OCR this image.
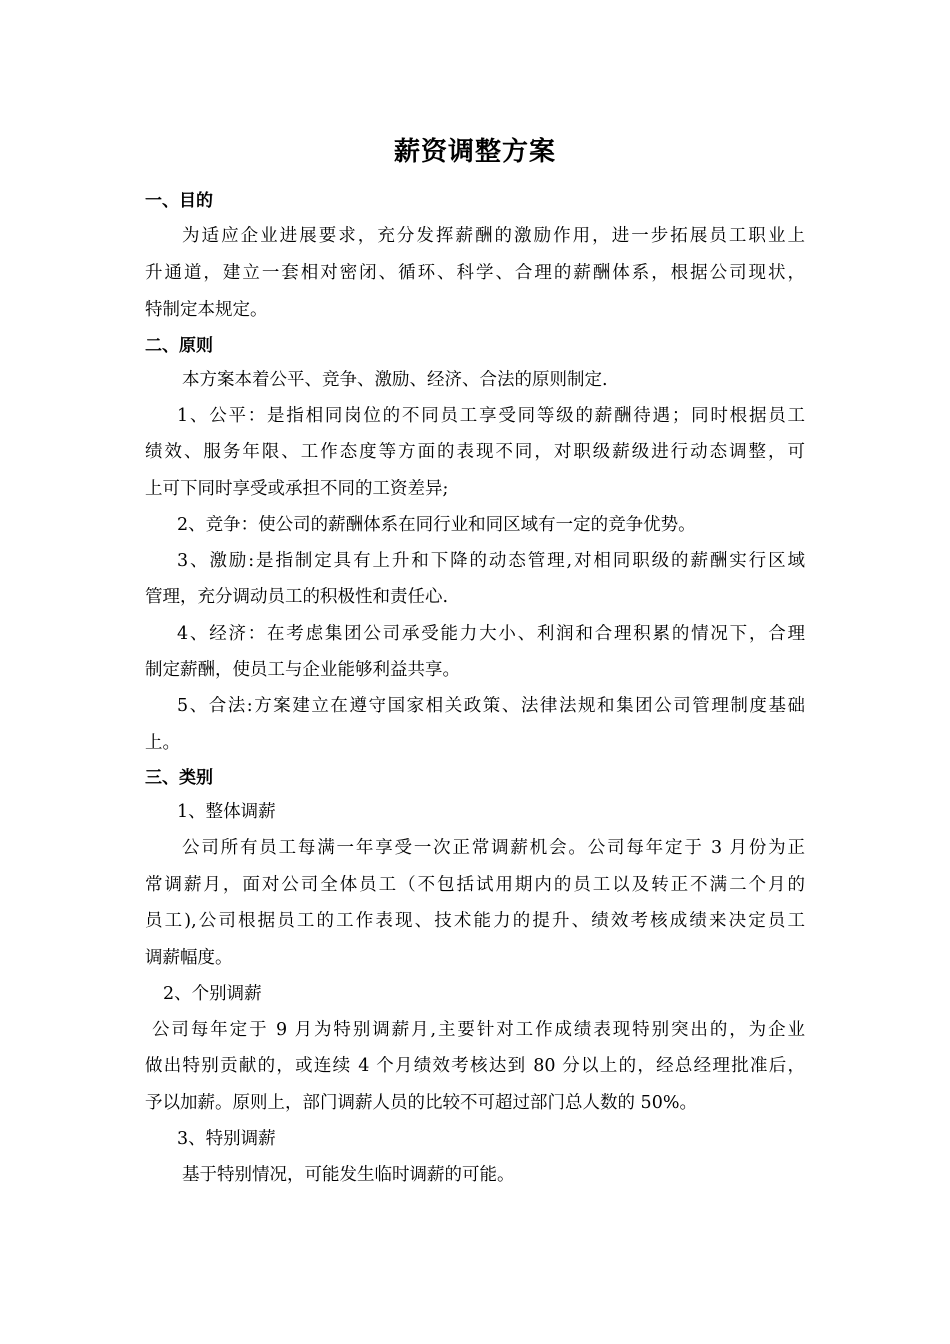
薪资调整方案
一、目的
为适应企业进展要求，充分发挥薪酬的激励作用，进一步拓展员工职业上
升通道，建立一套相对密闭、循环、科学、合理的薪酬体系，根据公司现状，
特制定本规定。
二、原则
本方案本着公平、竞争、激励、经济、合法的原则制定.
1、公平：是指相同岗位的不同员工享受同等级的薪酬待遇；同时根据员工
绩效、服务年限、工作态度等方面的表现不同，对职级薪级进行动态调整，可
上可下同时享受或承担不同的工资差异;
2、竞争：使公司的薪酬体系在同行业和同区域有一定的竞争优势。
3、激励:是指制定具有上升和下降的动态管理,对相同职级的薪酬实行区域
管理，充分调动员工的积极性和责任心.
4、经济：在考虑集团公司承受能力大小、利润和合理积累的情况下，合理
制定薪酬，使员工与企业能够利益共享。
5、合法:方案建立在遵守国家相关政策、法律法规和集团公司管理制度基础
上。
三、类别
1、整体调薪
公司所有员工每满一年享受一次正常调薪机会。公司每年定于 3 月份为正
常调薪月，面对公司全体员工（不包括试用期内的员工以及转正不满二个月的
员工),公司根据员工的工作表现、技术能力的提升、绩效考核成绩来决定员工
调薪幅度。
2、个别调薪
公司每年定于 9 月为特别调薪月,主要针对工作成绩表现特别突出的，为企业
做出特别贡献的，或连续 4 个月绩效考核达到 80 分以上的，经总经理批准后，
予以加薪。原则上，部门调薪人员的比较不可超过部门总人数的 50%。
3、特别调薪
基于特别情况，可能发生临时调薪的可能。
